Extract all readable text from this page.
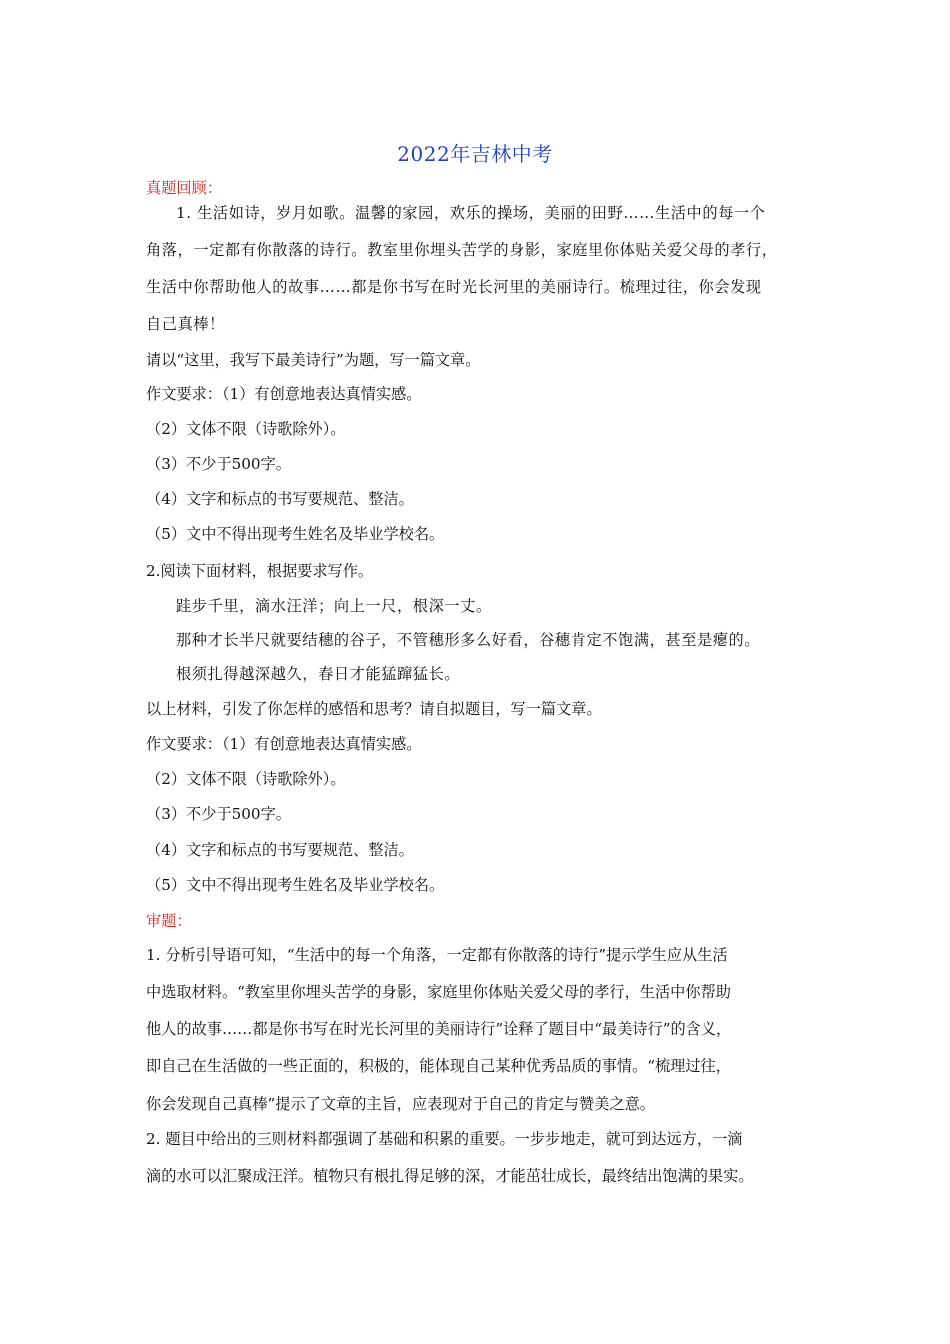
2022年吉林中考
真题回顾：
1. 生活如诗，岁月如歌。温馨的家园，欢乐的操场，美丽的田野……生活中的每一个
角落，一定都有你散落的诗行。教室里你埋头苦学的身影，家庭里你体贴关爱父母的孝行，
生活中你帮助他人的故事……都是你书写在时光长河里的美丽诗行。梳理过往，你会发现
自己真棒！
请以“这里，我写下最美诗行”为题，写一篇文章。
作文要求：（1）有创意地表达真情实感。
（2）文体不限（诗歌除外）。
（3）不少于500字。
（4）文字和标点的书写要规范、整洁。
（5）文中不得出现考生姓名及毕业学校名。
2.阅读下面材料，根据要求写作。
跬步千里，滴水汪洋；向上一尺，根深一丈。
那种才长半尺就要结穗的谷子，不管穗形多么好看，谷穗肯定不饱满，甚至是瘪的。
根须扎得越深越久，春日才能猛蹿猛长。
以上材料，引发了你怎样的感悟和思考？请自拟题目，写一篇文章。
作文要求：（1）有创意地表达真情实感。
（2）文体不限（诗歌除外）。
（3）不少于500字。
（4）文字和标点的书写要规范、整洁。
（5）文中不得出现考生姓名及毕业学校名。
审题：
1. 分析引导语可知，“生活中的每一个角落，一定都有你散落的诗行”提示学生应从生活
中选取材料。“教室里你埋头苦学的身影，家庭里你体贴关爱父母的孝行，生活中你帮助
他人的故事……都是你书写在时光长河里的美丽诗行”诠释了题目中“最美诗行”的含义，
即自己在生活做的一些正面的，积极的，能体现自己某种优秀品质的事情。“梳理过往，
你会发现自己真棒”提示了文章的主旨，应表现对于自己的肯定与赞美之意。
2. 题目中给出的三则材料都强调了基础和积累的重要。一步步地走，就可到达远方，一滴
滴的水可以汇聚成汪洋。植物只有根扎得足够的深，才能茁壮成长，最终结出饱满的果实。
